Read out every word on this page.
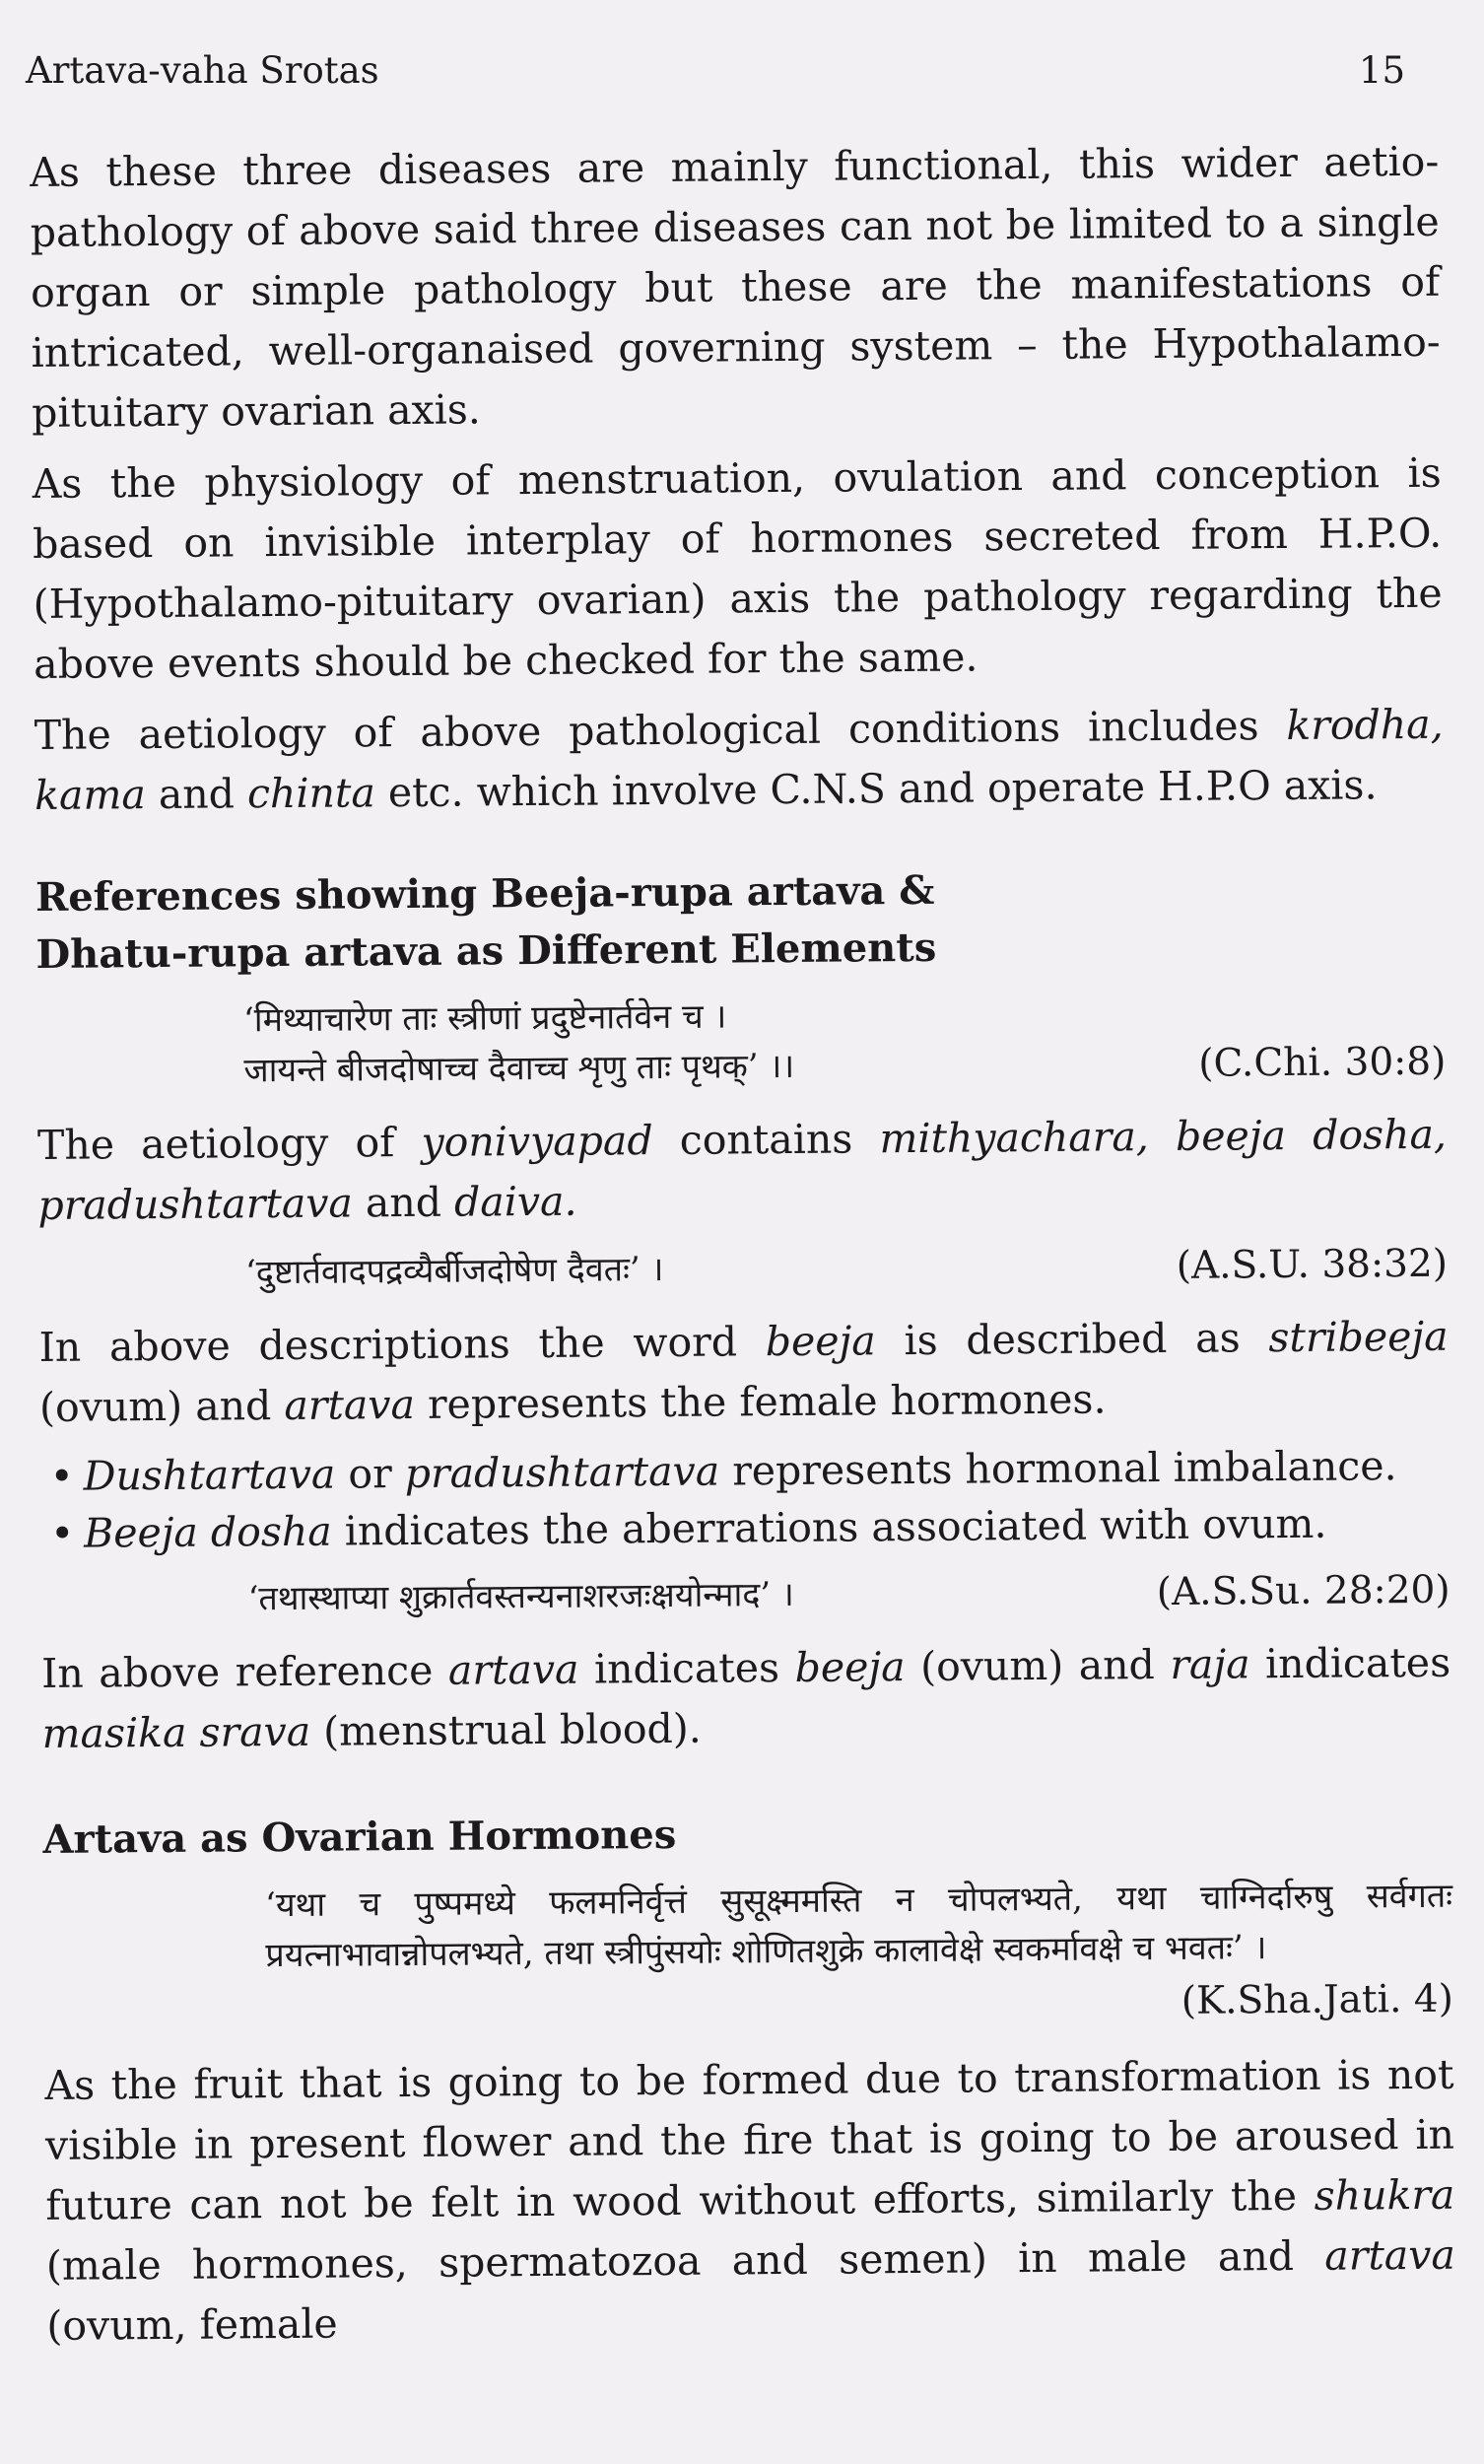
Artava-vaha Srotas	15

As these three diseases are mainly functional, this wider aetio-pathology of above said three diseases can not be limited to a single organ or simple pathology but these are the manifestations of intricated, well-organaised governing system – the Hypothalamo-pituitary ovarian axis.

As the physiology of menstruation, ovulation and conception is based on invisible interplay of hormones secreted from H.P.O. (Hypothalamo-pituitary ovarian) axis the pathology regarding the above events should be checked for the same.

The aetiology of above pathological conditions includes krodha, kama and chinta etc. which involve C.N.S and operate H.P.O axis.

References showing Beeja-rupa artava &
Dhatu-rupa artava as Different Elements
‘मिथ्याचारेण ताः स्त्रीणां प्रदुष्टेनार्तवेन च ।
जायन्ते बीजदोषाच्च दैवाच्च शृणु ताः पृथक्’ ।।	(C.Chi. 30:8)

The aetiology of yonivyapad contains mithyachara, beeja dosha, pradushtartava and daiva.

‘दुष्टार्तवादपद्रव्यैर्बीजदोषेण दैवतः’ ।	(A.S.U. 38:32)

In above descriptions the word beeja is described as stribeeja (ovum) and artava represents the female hormones.

• Dushtartava or pradushtartava represents hormonal imbalance.
• Beeja dosha indicates the aberrations associated with ovum.
‘तथास्थाप्या शुक्रार्तवस्तन्यनाशरजःक्षयोन्माद’ ।	(A.S.Su. 28:20)

In above reference artava indicates beeja (ovum) and raja indicates masika srava (menstrual blood).

Artava as Ovarian Hormones
‘यथा च पुष्पमध्ये फलमनिर्वृत्तं सुसूक्ष्ममस्ति न चोपलभ्यते, यथा चाग्निर्दारुषु सर्वगतः प्रयत्नाभावान्नोपलभ्यते, तथा स्त्रीपुंसयोः शोणितशुक्रे कालावेक्षे स्वकर्मावक्षे च भवतः’ ।
(K.Sha.Jati. 4)

As the fruit that is going to be formed due to transformation is not visible in present flower and the fire that is going to be aroused in future can not be felt in wood without efforts, similarly the shukra (male hormones, spermatozoa and semen) in male and artava (ovum, female
